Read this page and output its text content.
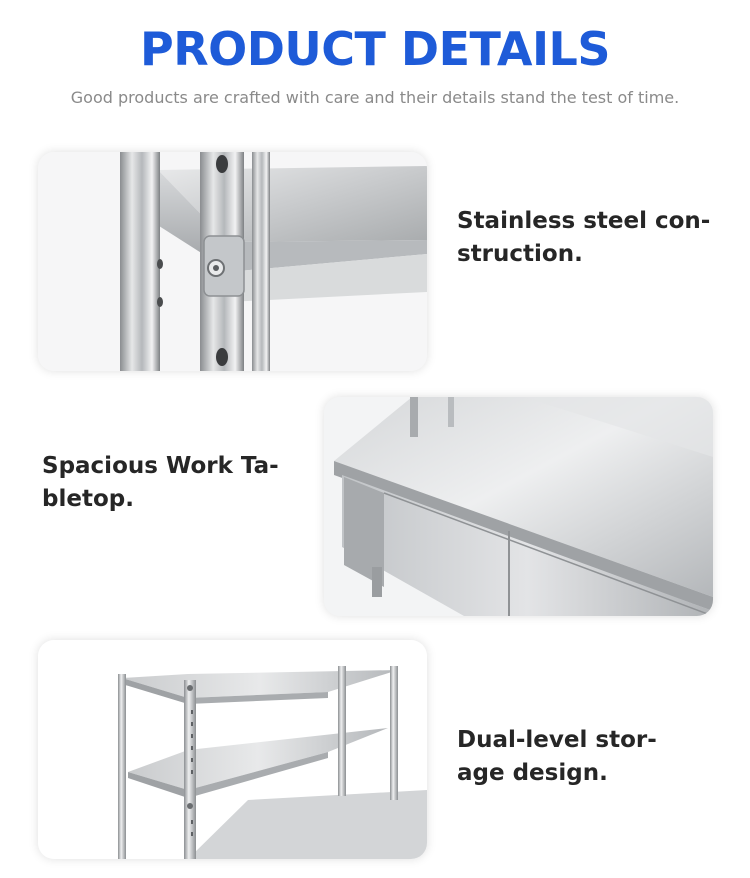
PRODUCT DETAILS
Good products are crafted with care and their details stand the test of time.
Stainless steel con-
struction.
Spacious Work Ta-
bletop.
Dual-level stor-
age design.
